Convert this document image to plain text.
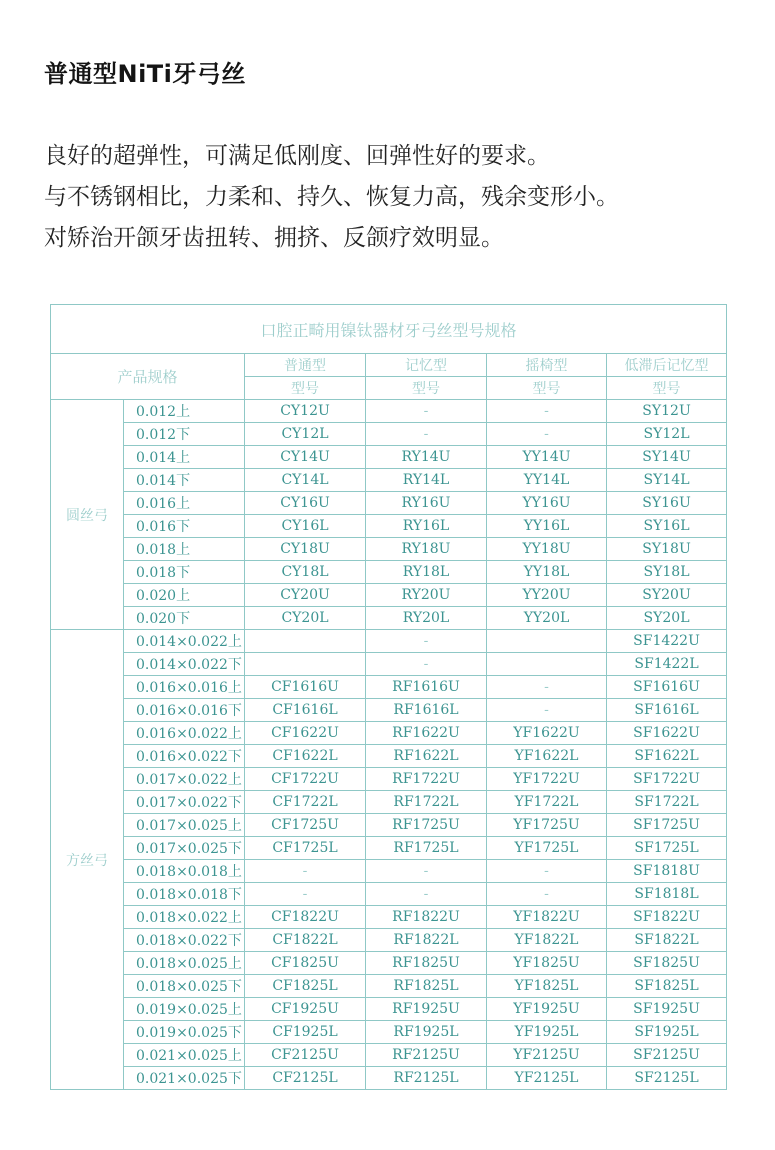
普通型NiTi牙弓丝
良好的超弹性，可满足低刚度、回弹性好的要求。
与不锈钢相比，力柔和、持久、恢复力高，残余变形小。
对矫治开颌牙齿扭转、拥挤、反颌疗效明显。
口腔正畸用镍钛器材牙弓丝型号规格					
产品规格		普通型	记忆型	摇椅型	低滞后记忆型
		型号	型号	型号	型号
圆丝弓	0.012上	CY12U	-	-	SY12U
	0.012下	CY12L	-	-	SY12L
	0.014上	CY14U	RY14U	YY14U	SY14U
	0.014下	CY14L	RY14L	YY14L	SY14L
	0.016上	CY16U	RY16U	YY16U	SY16U
	0.016下	CY16L	RY16L	YY16L	SY16L
	0.018上	CY18U	RY18U	YY18U	SY18U
	0.018下	CY18L	RY18L	YY18L	SY18L
	0.020上	CY20U	RY20U	YY20U	SY20U
	0.020下	CY20L	RY20L	YY20L	SY20L
方丝弓	0.014×0.022上		-		SF1422U
	0.014×0.022下		-		SF1422L
	0.016×0.016上	CF1616U	RF1616U	-	SF1616U
	0.016×0.016下	CF1616L	RF1616L	-	SF1616L
	0.016×0.022上	CF1622U	RF1622U	YF1622U	SF1622U
	0.016×0.022下	CF1622L	RF1622L	YF1622L	SF1622L
	0.017×0.022上	CF1722U	RF1722U	YF1722U	SF1722U
	0.017×0.022下	CF1722L	RF1722L	YF1722L	SF1722L
	0.017×0.025上	CF1725U	RF1725U	YF1725U	SF1725U
	0.017×0.025下	CF1725L	RF1725L	YF1725L	SF1725L
	0.018×0.018上	-	-	-	SF1818U
	0.018×0.018下	-	-	-	SF1818L
	0.018×0.022上	CF1822U	RF1822U	YF1822U	SF1822U
	0.018×0.022下	CF1822L	RF1822L	YF1822L	SF1822L
	0.018×0.025上	CF1825U	RF1825U	YF1825U	SF1825U
	0.018×0.025下	CF1825L	RF1825L	YF1825L	SF1825L
	0.019×0.025上	CF1925U	RF1925U	YF1925U	SF1925U
	0.019×0.025下	CF1925L	RF1925L	YF1925L	SF1925L
	0.021×0.025上	CF2125U	RF2125U	YF2125U	SF2125U
	0.021×0.025下	CF2125L	RF2125L	YF2125L	SF2125L
